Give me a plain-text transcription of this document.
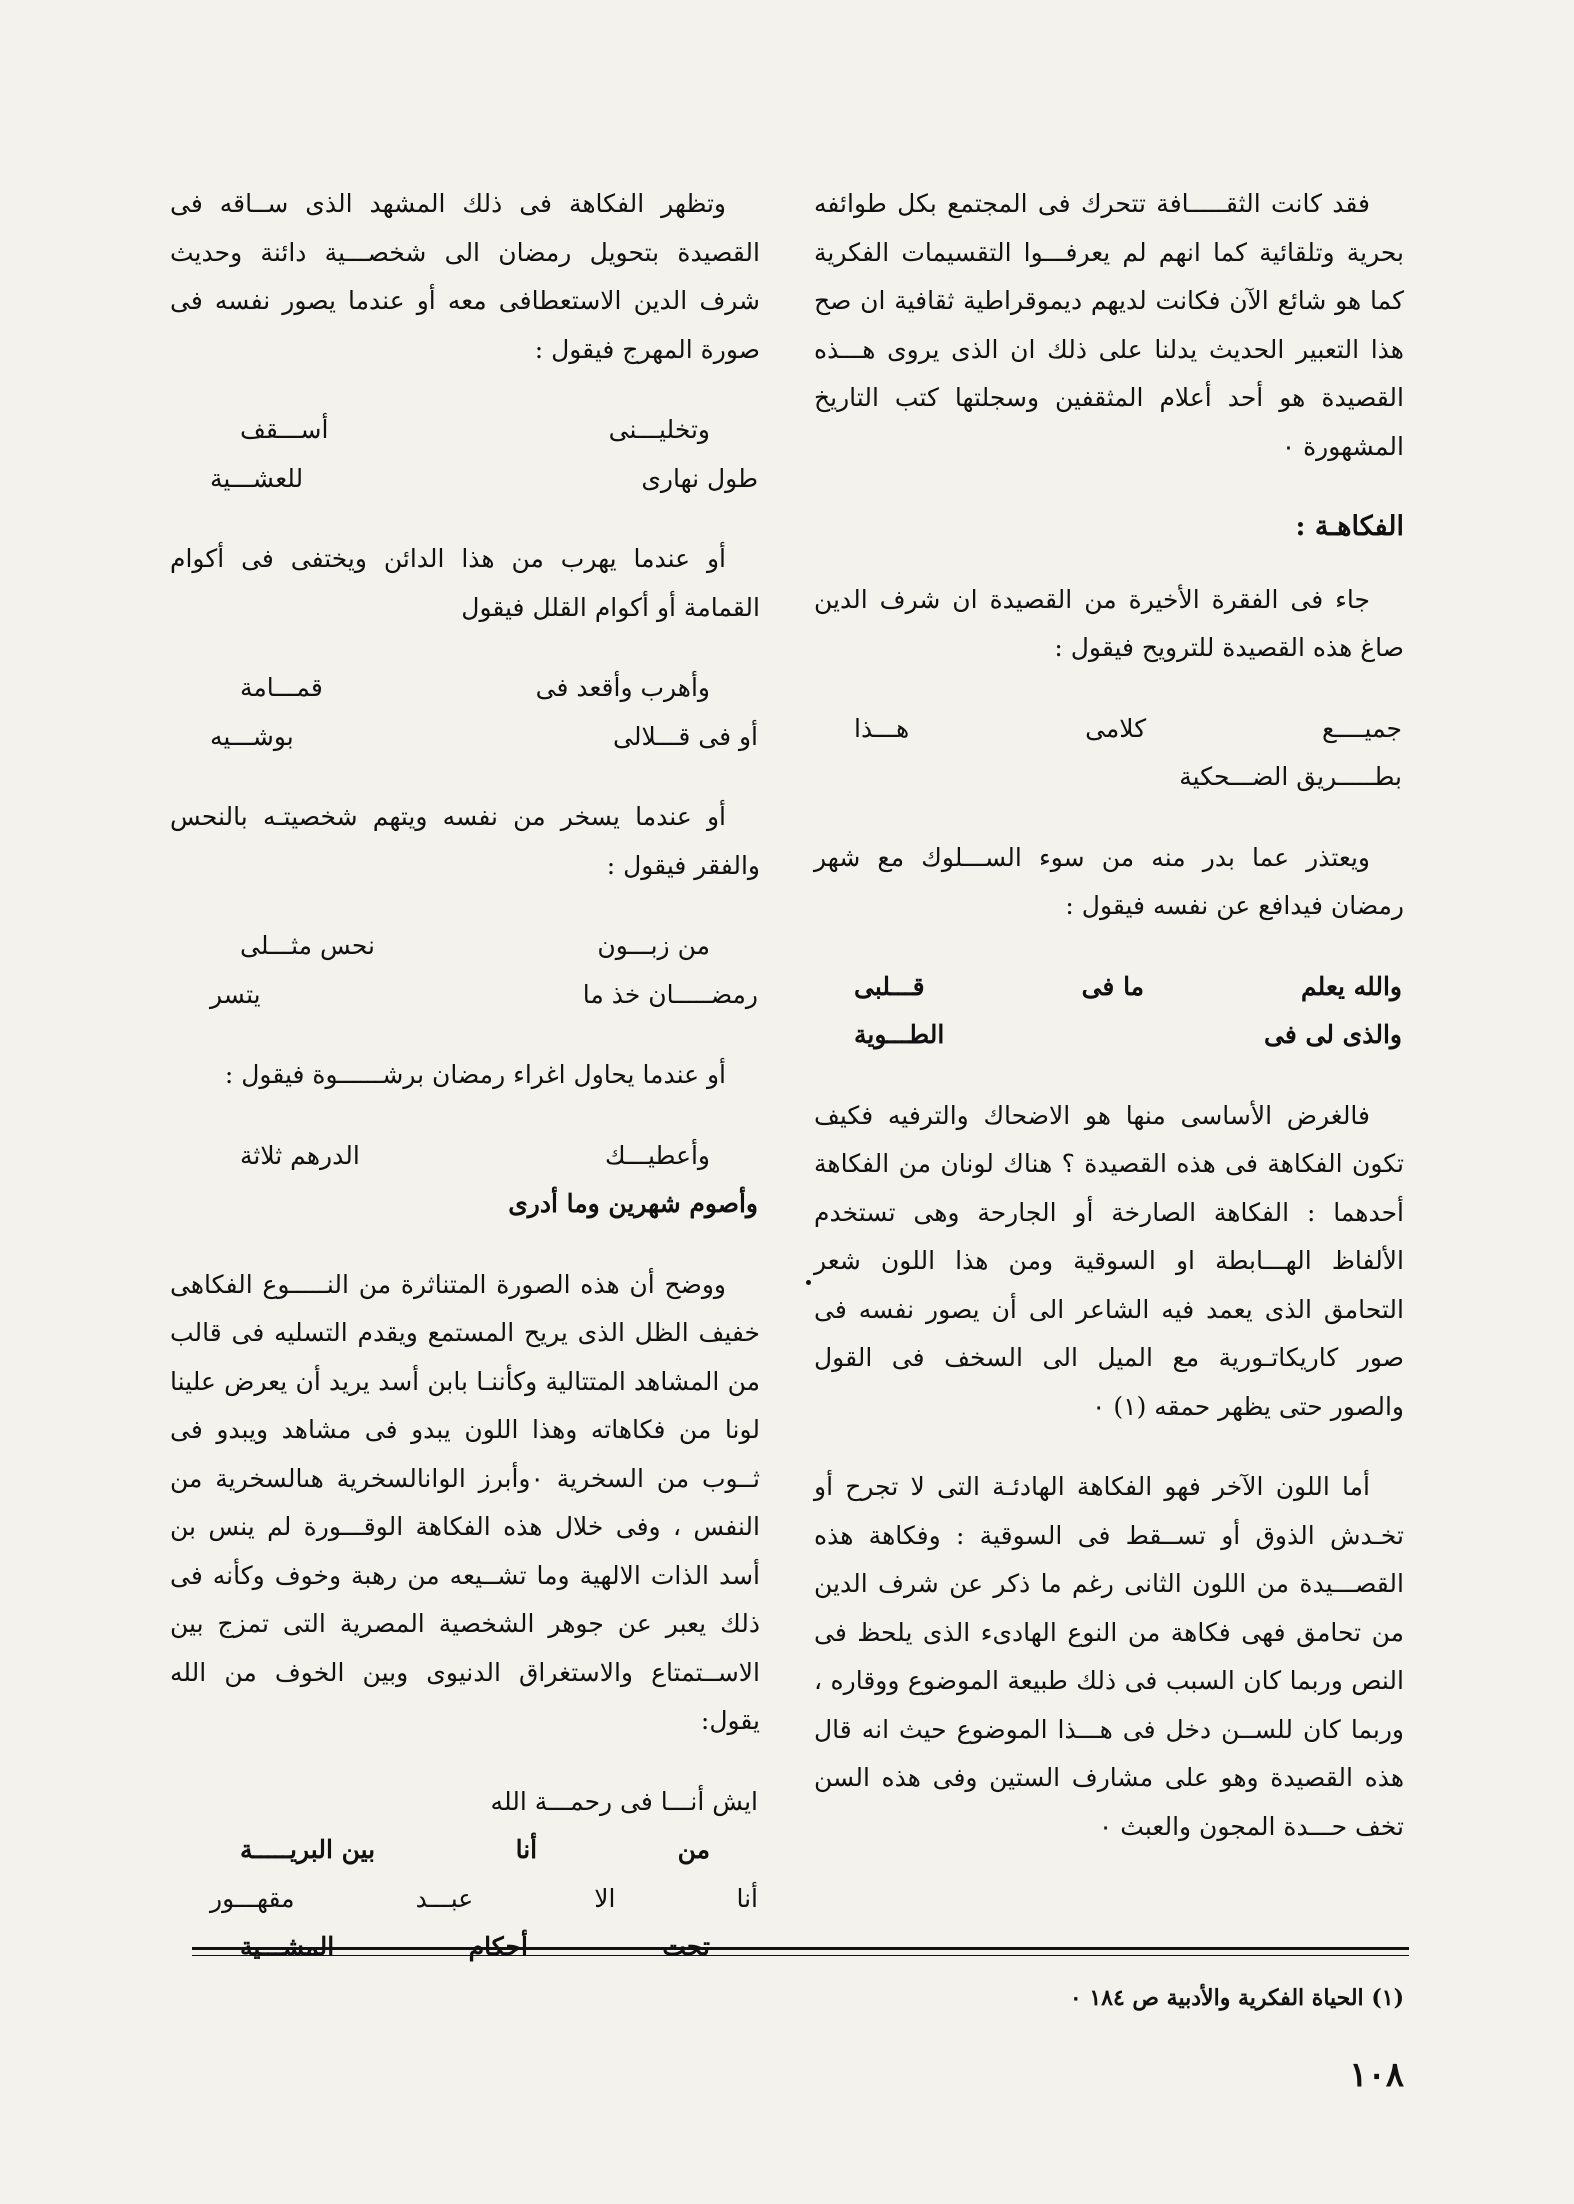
فقد كانت الثقـــــافة تتحرك فى المجتمع بكل طوائفه بحرية وتلقائية كما انهم لم يعرفـــوا التقسيمات الفكرية كما هو شائع الآن فكانت لديهم ديموقراطية ثقافية ان صح هذا التعبير الحديث يدلنا على ذلك ان الذى يروى هـــذه القصيدة هو أحد أعلام المثقفين وسجلتها كتب التاريخ المشهورة ٠

الفكاهـة :

جاء فى الفقرة الأخيرة من القصيدة ان شرف الدين صاغ هذه القصيدة للترويح فيقول :

جميــــع
كلامى
هـــذا
بطـــــريق الضـــحكية

ويعتذر عما بدر منه من سوء الســـلوك مع شهر رمضان فيدافع عن نفسه فيقول :

والله يعلم
ما فى
قـــلبى
والذى لى فى
الطـــوية

فالغرض الأساسى منها هو الاضحاك والترفيه فكيف تكون الفكاهة فى هذه القصيدة ؟ هناك لونان من الفكاهة أحدهما : الفكاهة الصارخة أو الجارحة وهى تستخدم الألفاظ الهـــابطة او السوقية ومن هذا اللون شعر التحامق الذى يعمد فيه الشاعر الى أن يصور نفسه فى صور كاريكاتـورية مع الميل الى السخف فى القول والصور حتى يظهر حمقه (١) ٠

أما اللون الآخر فهو الفكاهة الهادئـة التى لا تجرح أو تخـدش الذوق أو تســقط فى السوقية : وفكاهة هذه القصـــيدة من اللون الثانى رغم ما ذكر عن شرف الدين من تحامق فهى فكاهة من النوع الهادىء الذى يلحظ فى النص وربما كان السبب فى ذلك طبيعة الموضوع ووقاره ، وربما كان للســن دخل فى هـــذا الموضوع حيث انه قال هذه القصيدة وهو على مشارف الستين وفى هذه السن تخف حـــدة المجون والعبث ٠

وتظهر الفكاهة فى ذلك المشهد الذى ســاقه فى القصيدة بتحويل رمضان الى شخصـــية دائنة وحديث شرف الدين الاستعطافى معه أو عندما يصور نفسه فى صورة المهرج فيقول :

وتخليـــنى
أســـقف
طول نهارى
للعشـــية

أو عندما يهرب من هذا الدائن ويختفى فى أكوام القمامة أو أكوام القلل فيقول

وأهرب وأقعد فى
قمـــامة
أو فى قـــلالى
بوشـــيه

أو عندما يسخر من نفسه ويتهم شخصيتـه بالنحس والفقر فيقول :

من زبـــون
نحس مثـــلى
رمضـــــان خذ ما
يتسر

أو عندما يحاول اغراء رمضان برشــــــوة فيقول :

وأعطيـــك
الدرهم ثلاثة
وأصوم شهرين وما أدرى

ووضح أن هذه الصورة المتناثرة من النـــــوع الفكاهى خفيف الظل الذى يريح المستمع ويقدم التسليه فى قالب من المشاهد المتتالية وكأننـا بابن أسد يريد أن يعرض علينا لونا من فكاهاته وهذا اللون يبدو فى مشاهد ويبدو فى ثــوب من السخرية ٠وأبرز الوانالسخرية هىالسخرية من النفس ، وفى خلال هذه الفكاهة الوقـــورة لم ينس بن أسد الذات الالهية وما تشــيعه من رهبة وخوف وكأنه فى ذلك يعبر عن جوهر الشخصية المصرية التى تمزج بين الاســتمتاع والاستغراق الدنيوى وبين الخوف من الله يقول:

ايش أنـــا فى رحمـــة الله
من
أنا
بين البريـــــة
أنا
الا
عبـــد
مقهـــور
تحت
أحكام
المشـــية
(١) الحياة الفكرية والأدبية ص ١٨٤ ٠
١٠٨
